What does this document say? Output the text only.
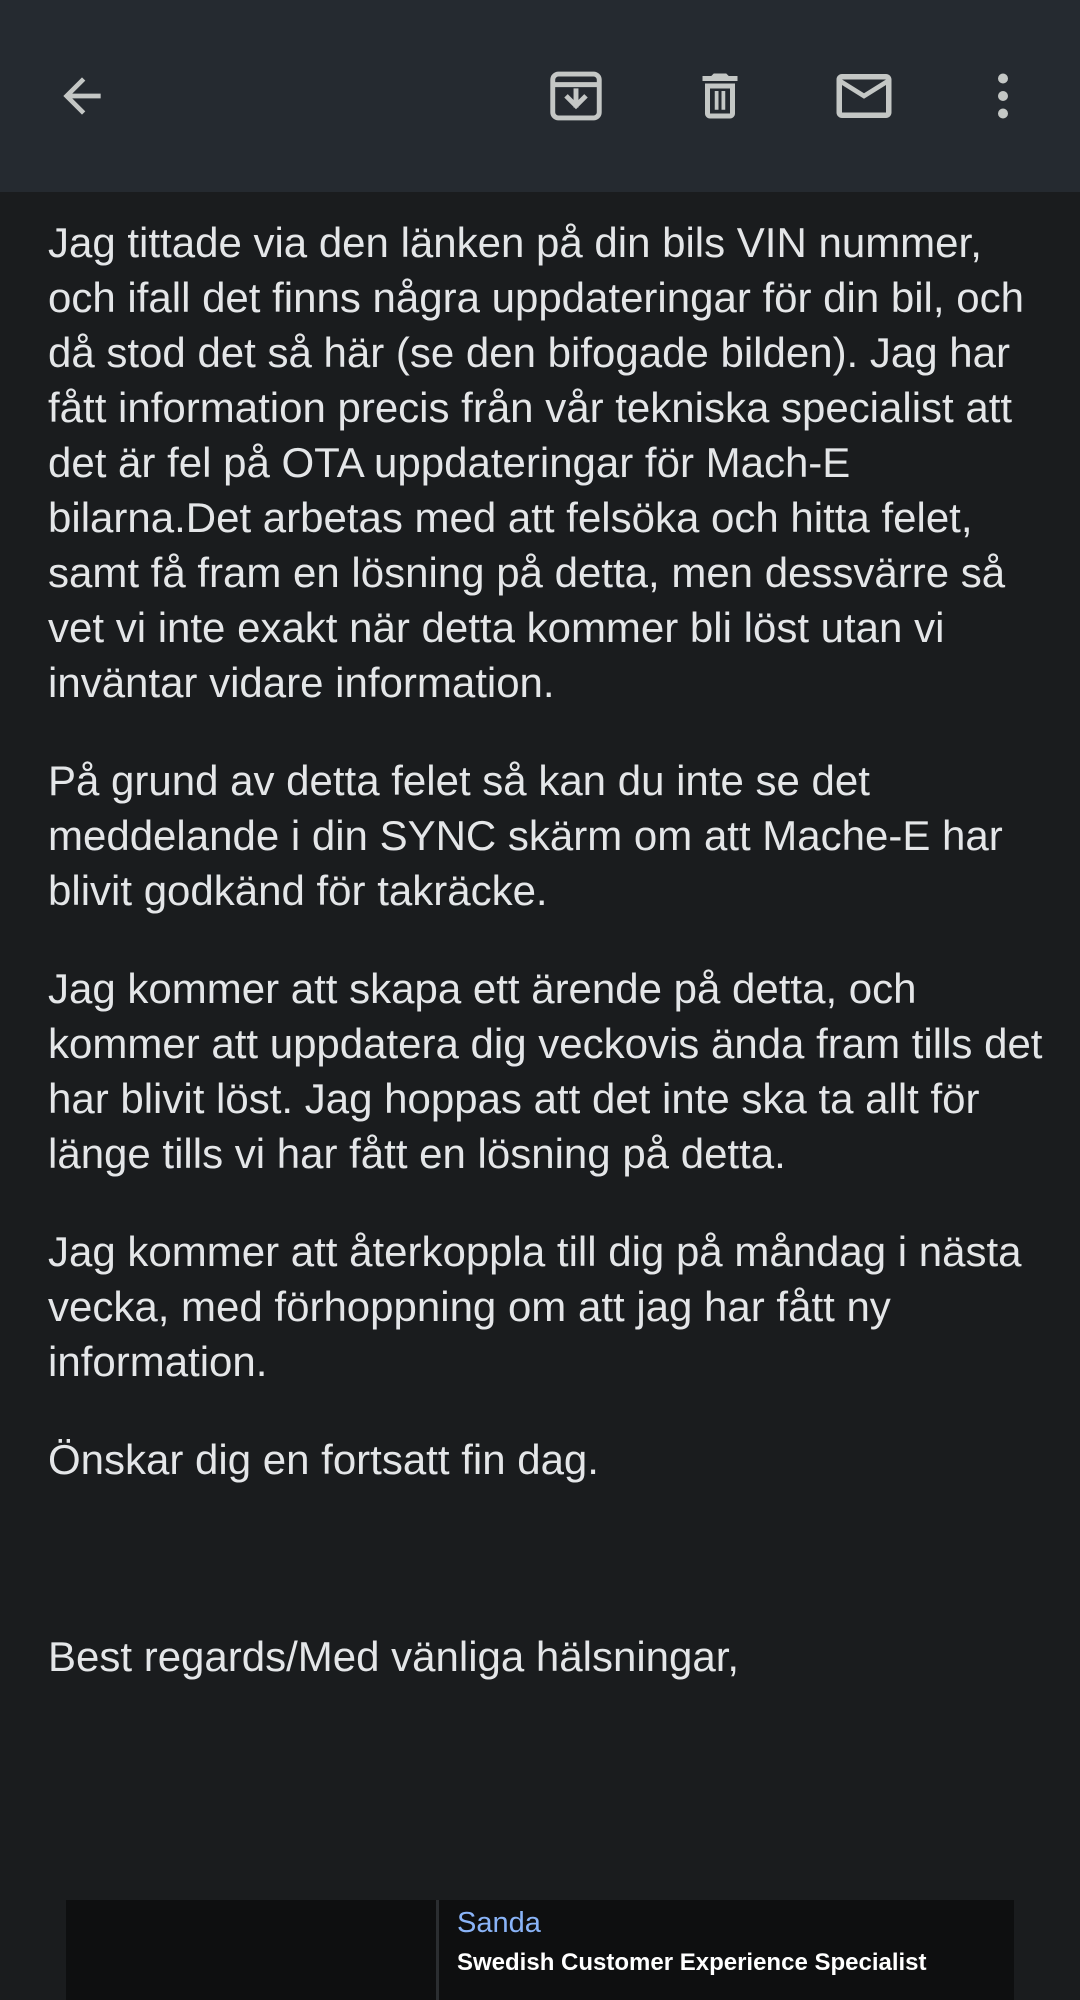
Jag tittade via den länken på din bils VIN nummer, och ifall det finns några uppdateringar för din bil, och då stod det så här (se den bifogade bilden). Jag har fått information precis från vår tekniska specialist att det är fel på OTA uppdateringar för Mach-E bilarna.Det arbetas med att felsöka och hitta felet, samt få fram en lösning på detta, men dessvärre så vet vi inte exakt när detta kommer bli löst utan vi inväntar vidare information.

På grund av detta felet så kan du inte se det meddelande i din SYNC skärm om att Mache-E har blivit godkänd för takräcke.

Jag kommer att skapa ett ärende på detta, och kommer att uppdatera dig veckovis ända fram tills det har blivit löst. Jag hoppas att det inte ska ta allt för länge tills vi har fått en lösning på detta.

Jag kommer att återkoppla till dig på måndag i nästa vecka, med förhoppning om att jag har fått ny information.

Önskar dig en fortsatt fin dag.

Best regards/Med vänliga hälsningar,

Sanda
Swedish Customer Experience Specialist
